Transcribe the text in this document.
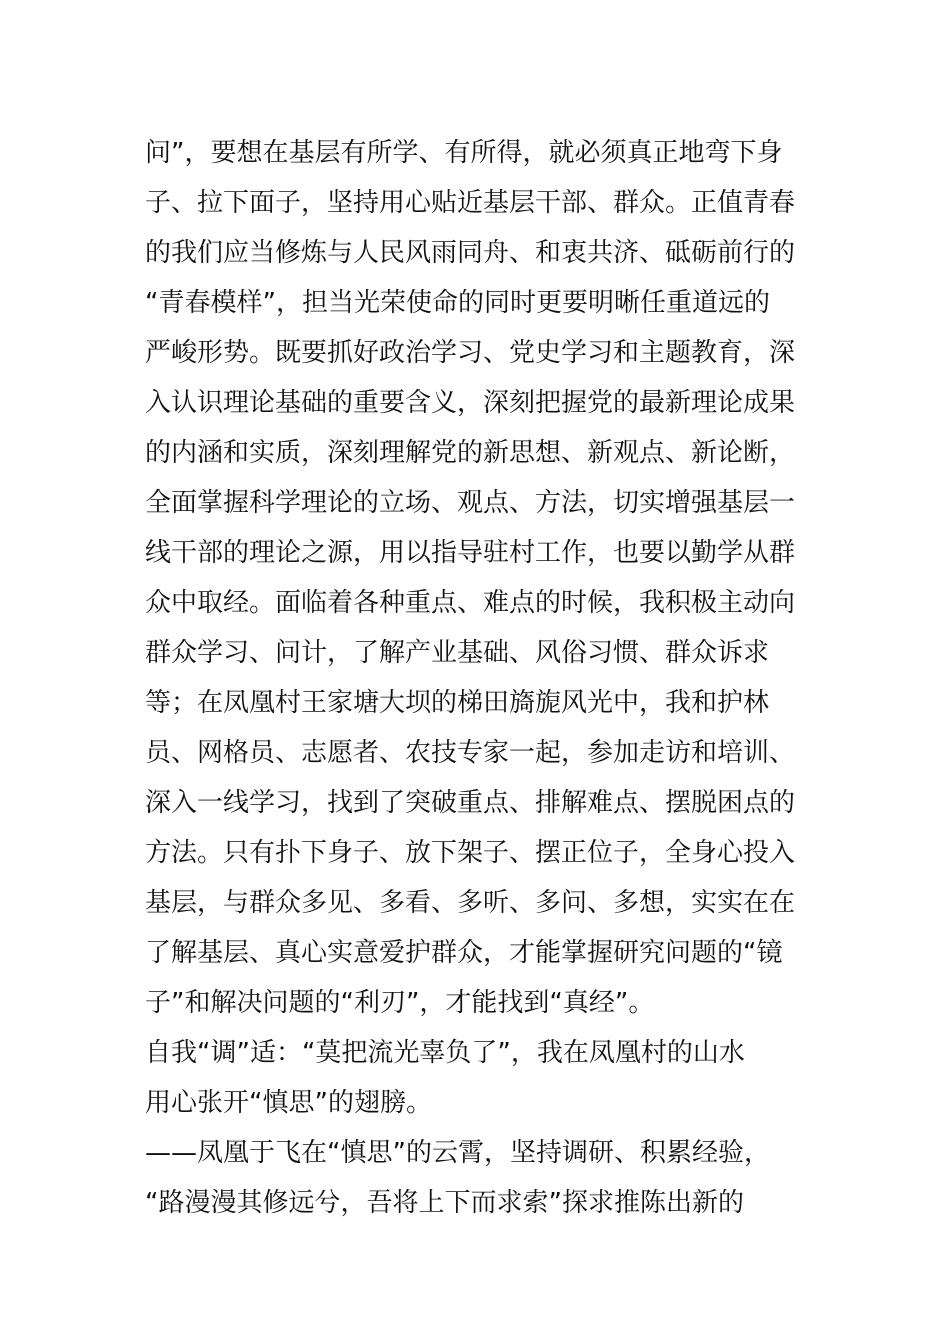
问”，要想在基层有所学、有所得，就必须真正地弯下身
子、拉下面子，坚持用心贴近基层干部、群众。正值青春
的我们应当修炼与人民风雨同舟、和衷共济、砥砺前行的
“青春模样”，担当光荣使命的同时更要明晰任重道远的
严峻形势。既要抓好政治学习、党史学习和主题教育，深
入认识理论基础的重要含义，深刻把握党的最新理论成果
的内涵和实质，深刻理解党的新思想、新观点、新论断，
全面掌握科学理论的立场、观点、方法，切实增强基层一
线干部的理论之源，用以指导驻村工作，也要以勤学从群
众中取经。面临着各种重点、难点的时候，我积极主动向
群众学习、问计，了解产业基础、风俗习惯、群众诉求
等；在凤凰村王家塘大坝的梯田旖旎风光中，我和护林
员、网格员、志愿者、农技专家一起，参加走访和培训、
深入一线学习，找到了突破重点、排解难点、摆脱困点的
方法。只有扑下身子、放下架子、摆正位子，全身心投入
基层，与群众多见、多看、多听、多问、多想，实实在在
了解基层、真心实意爱护群众，才能掌握研究问题的“镜
子”和解决问题的“利刃”，才能找到“真经”。
自我“调”适：“莫把流光辜负了”，我在凤凰村的山水
用心张开“慎思”的翅膀。
——凤凰于飞在“慎思”的云霄，坚持调研、积累经验，
“路漫漫其修远兮，吾将上下而求索”探求推陈出新的
